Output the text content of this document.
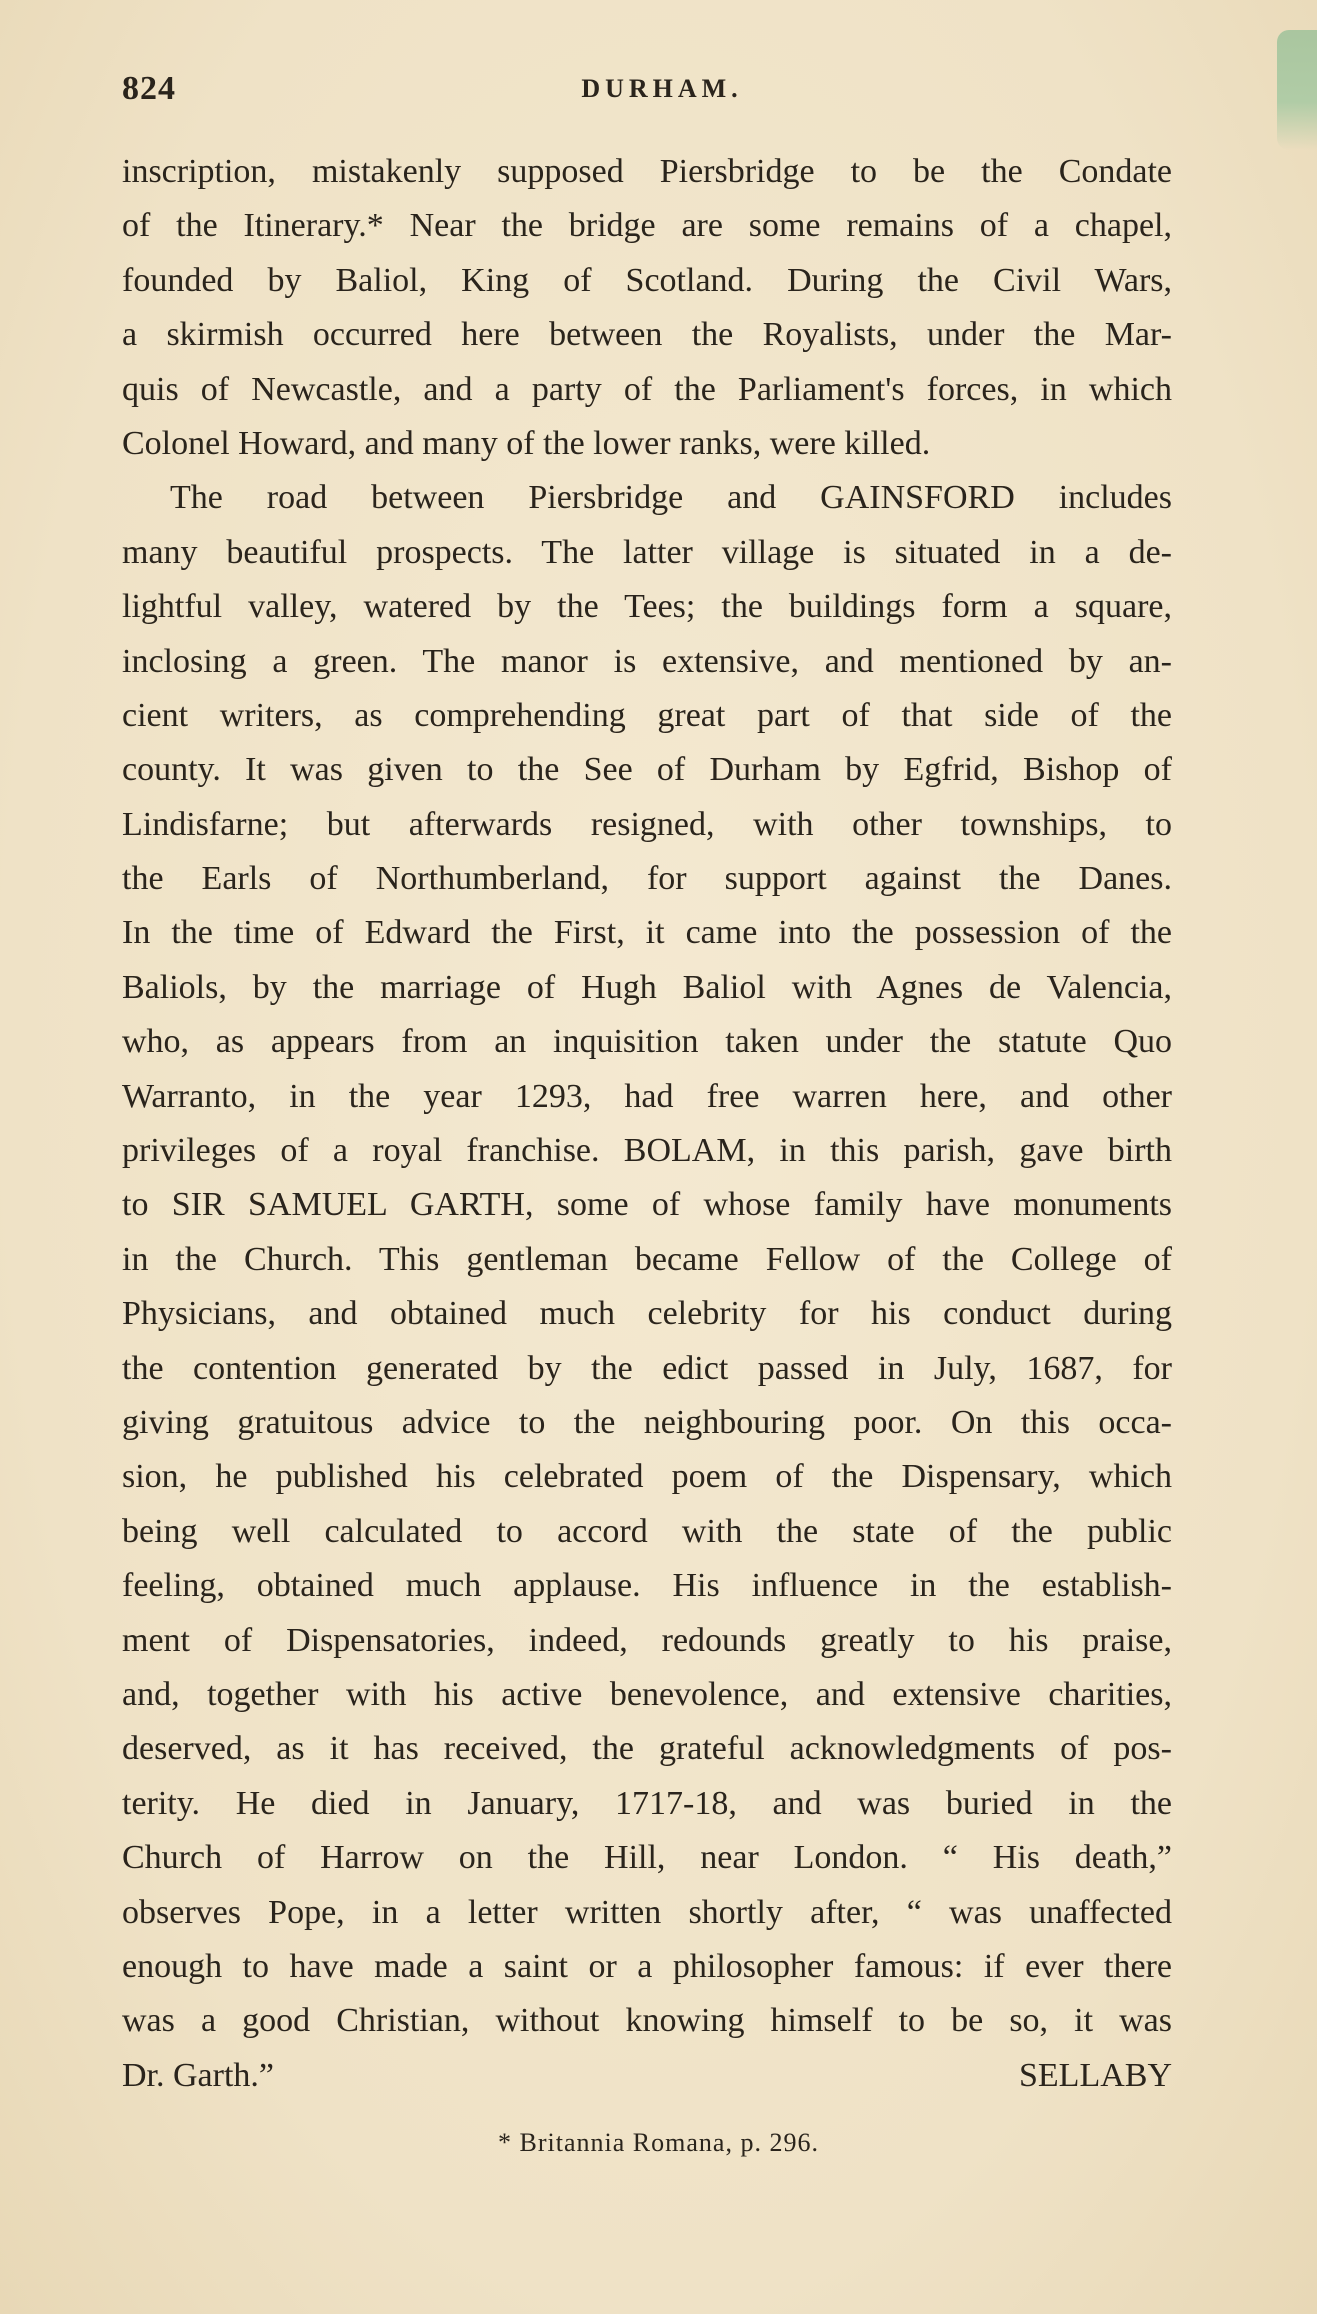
824	DURHAM.
inscription, mistakenly supposed Piersbridge to be the Condate
of the Itinerary.* Near the bridge are some remains of a chapel,
founded by Baliol, King of Scotland. During the Civil Wars,
a skirmish occurred here between the Royalists, under the Mar-
quis of Newcastle, and a party of the Parliament's forces, in which
Colonel Howard, and many of the lower ranks, were killed.
The road between Piersbridge and GAINSFORD includes
many beautiful prospects. The latter village is situated in a de-
lightful valley, watered by the Tees; the buildings form a square,
inclosing a green. The manor is extensive, and mentioned by an-
cient writers, as comprehending great part of that side of the
county. It was given to the See of Durham by Egfrid, Bishop of
Lindisfarne; but afterwards resigned, with other townships, to
the Earls of Northumberland, for support against the Danes.
In the time of Edward the First, it came into the possession of the
Baliols, by the marriage of Hugh Baliol with Agnes de Valencia,
who, as appears from an inquisition taken under the statute Quo
Warranto, in the year 1293, had free warren here, and other
privileges of a royal franchise. BOLAM, in this parish, gave birth
to SIR SAMUEL GARTH, some of whose family have monuments
in the Church. This gentleman became Fellow of the College of
Physicians, and obtained much celebrity for his conduct during
the contention generated by the edict passed in July, 1687, for
giving gratuitous advice to the neighbouring poor. On this occa-
sion, he published his celebrated poem of the Dispensary, which
being well calculated to accord with the state of the public
feeling, obtained much applause. His influence in the establish-
ment of Dispensatories, indeed, redounds greatly to his praise,
and, together with his active benevolence, and extensive charities,
deserved, as it has received, the grateful acknowledgments of pos-
terity. He died in January, 1717-18, and was buried in the
Church of Harrow on the Hill, near London. “ His death,”
observes Pope, in a letter written shortly after, “ was unaffected
enough to have made a saint or a philosopher famous: if ever there
was a good Christian, without knowing himself to be so, it was
Dr. Garth.”	SELLABY
* Britannia Romana, p. 296.
